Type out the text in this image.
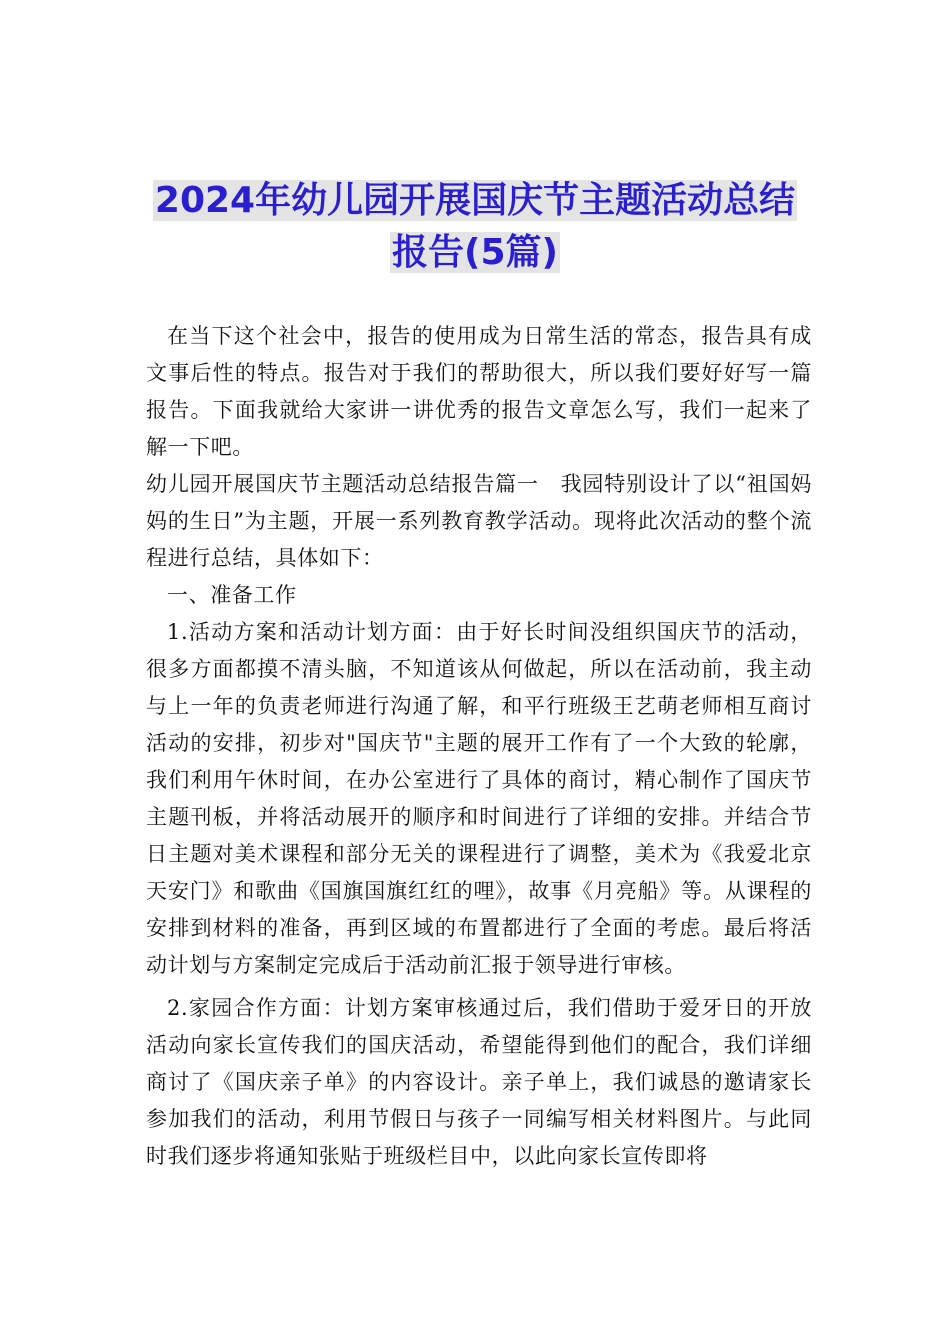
2024年幼儿园开展国庆节主题活动总结
报告(5篇)

在当下这个社会中，报告的使用成为日常生活的常态，报告具有成文事后性的特点。报告对于我们的帮助很大，所以我们要好好写一篇报告。下面我就给大家讲一讲优秀的报告文章怎么写，我们一起来了解一下吧。

幼儿园开展国庆节主题活动总结报告篇一　我园特别设计了以“祖国妈妈的生日”为主题，开展一系列教育教学活动。现将此次活动的整个流程进行总结，具体如下：

一、准备工作

1.活动方案和活动计划方面：由于好长时间没组织国庆节的活动，很多方面都摸不清头脑，不知道该从何做起，所以在活动前，我主动与上一年的负责老师进行沟通了解，和平行班级王艺萌老师相互商讨活动的安排，初步对"国庆节"主题的展开工作有了一个大致的轮廓，我们利用午休时间，在办公室进行了具体的商讨，精心制作了国庆节主题刊板，并将活动展开的顺序和时间进行了详细的安排。并结合节日主题对美术课程和部分无关的课程进行了调整，美术为《我爱北京天安门》和歌曲《国旗国旗红红的哩》，故事《月亮船》等。从课程的安排到材料的准备，再到区域的布置都进行了全面的考虑。最后将活动计划与方案制定完成后于活动前汇报于领导进行审核。

2.家园合作方面：计划方案审核通过后，我们借助于爱牙日的开放活动向家长宣传我们的国庆活动，希望能得到他们的配合，我们详细商讨了《国庆亲子单》的内容设计。亲子单上，我们诚恳的邀请家长参加我们的活动，利用节假日与孩子一同编写相关材料图片。与此同时我们逐步将通知张贴于班级栏目中，以此向家长宣传即将
